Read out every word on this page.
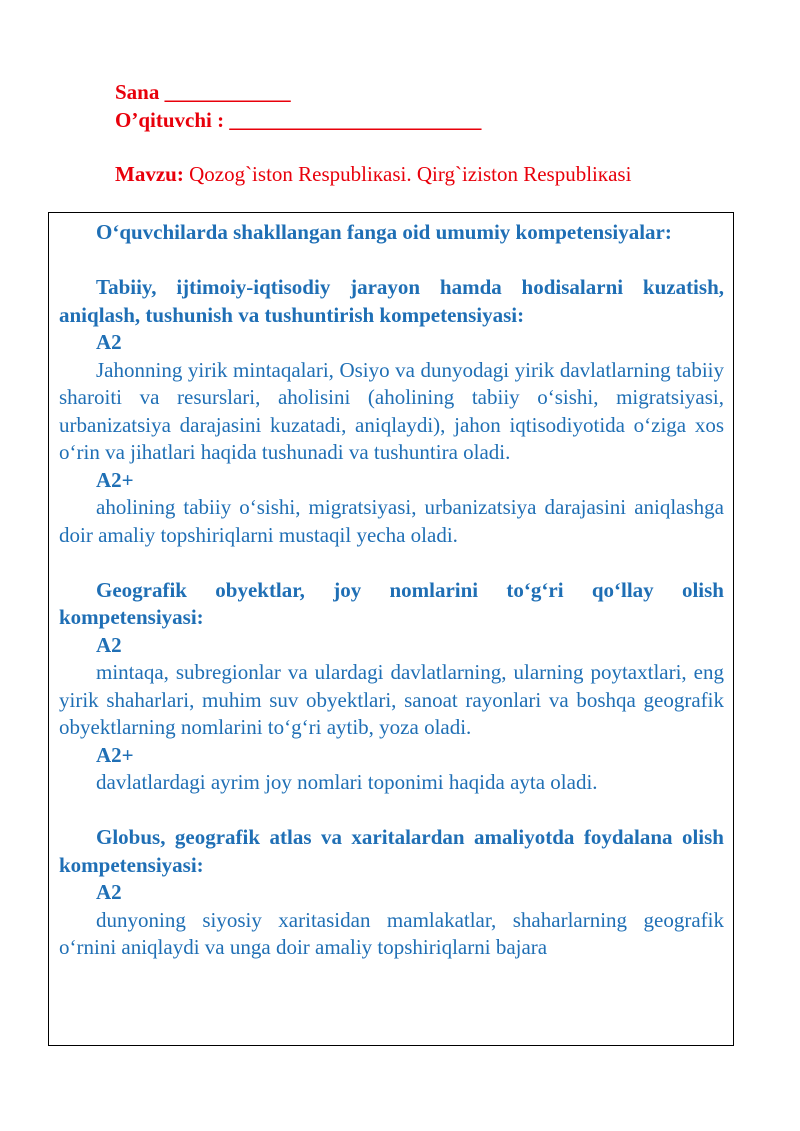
Sana ____________
O’qituvchi : ________________________
Mavzu: Qozog`iston Respublікasi. Qirg`iziston Respublікasi

O‘quvchilarda shakllangan fanga oid umumiy kompetensiyalar:

Tabiiy, ijtimoiy-iqtisodiy jarayon hamda hodisalarni kuzatish, aniqlash, tushunish va tushuntirish kompetensiyasi:

A2

Jahonning yirik mintaqalari, Osiyo va dunyodagi yirik davlatlarning tabiiy sharoiti va resurslari, aholisini (aholining tabiiy o‘sishi, migratsiyasi, urbanizatsiya darajasini kuzatadi, aniqlaydi), jahon iqtisodiyotida o‘ziga xos o‘rin va jihatlari haqida tushunadi va tushuntira oladi.

A2+

aholining tabiiy o‘sishi, migratsiyasi, urbanizatsiya darajasini aniqlashga doir amaliy topshiriqlarni mustaqil yecha oladi.

Geografik obyektlar, joy nomlarini to‘g‘ri qo‘llay olish kompetensiyasi:

A2

mintaqa, subregionlar va ulardagi davlatlarning, ularning poytaxtlari, eng yirik shaharlari, muhim suv obyektlari, sanoat rayonlari va boshqa geografik obyektlarning nomlarini to‘g‘ri aytib, yoza oladi.

A2+

davlatlardagi ayrim joy nomlari toponimi haqida ayta oladi.

Globus, geografik atlas va xaritalardan amaliyotda foydalana olish kompetensiyasi:

A2

dunyoning siyosiy xaritasidan mamlakatlar, shaharlarning geografik o‘rnini aniqlaydi va unga doir amaliy topshiriqlarni bajara
